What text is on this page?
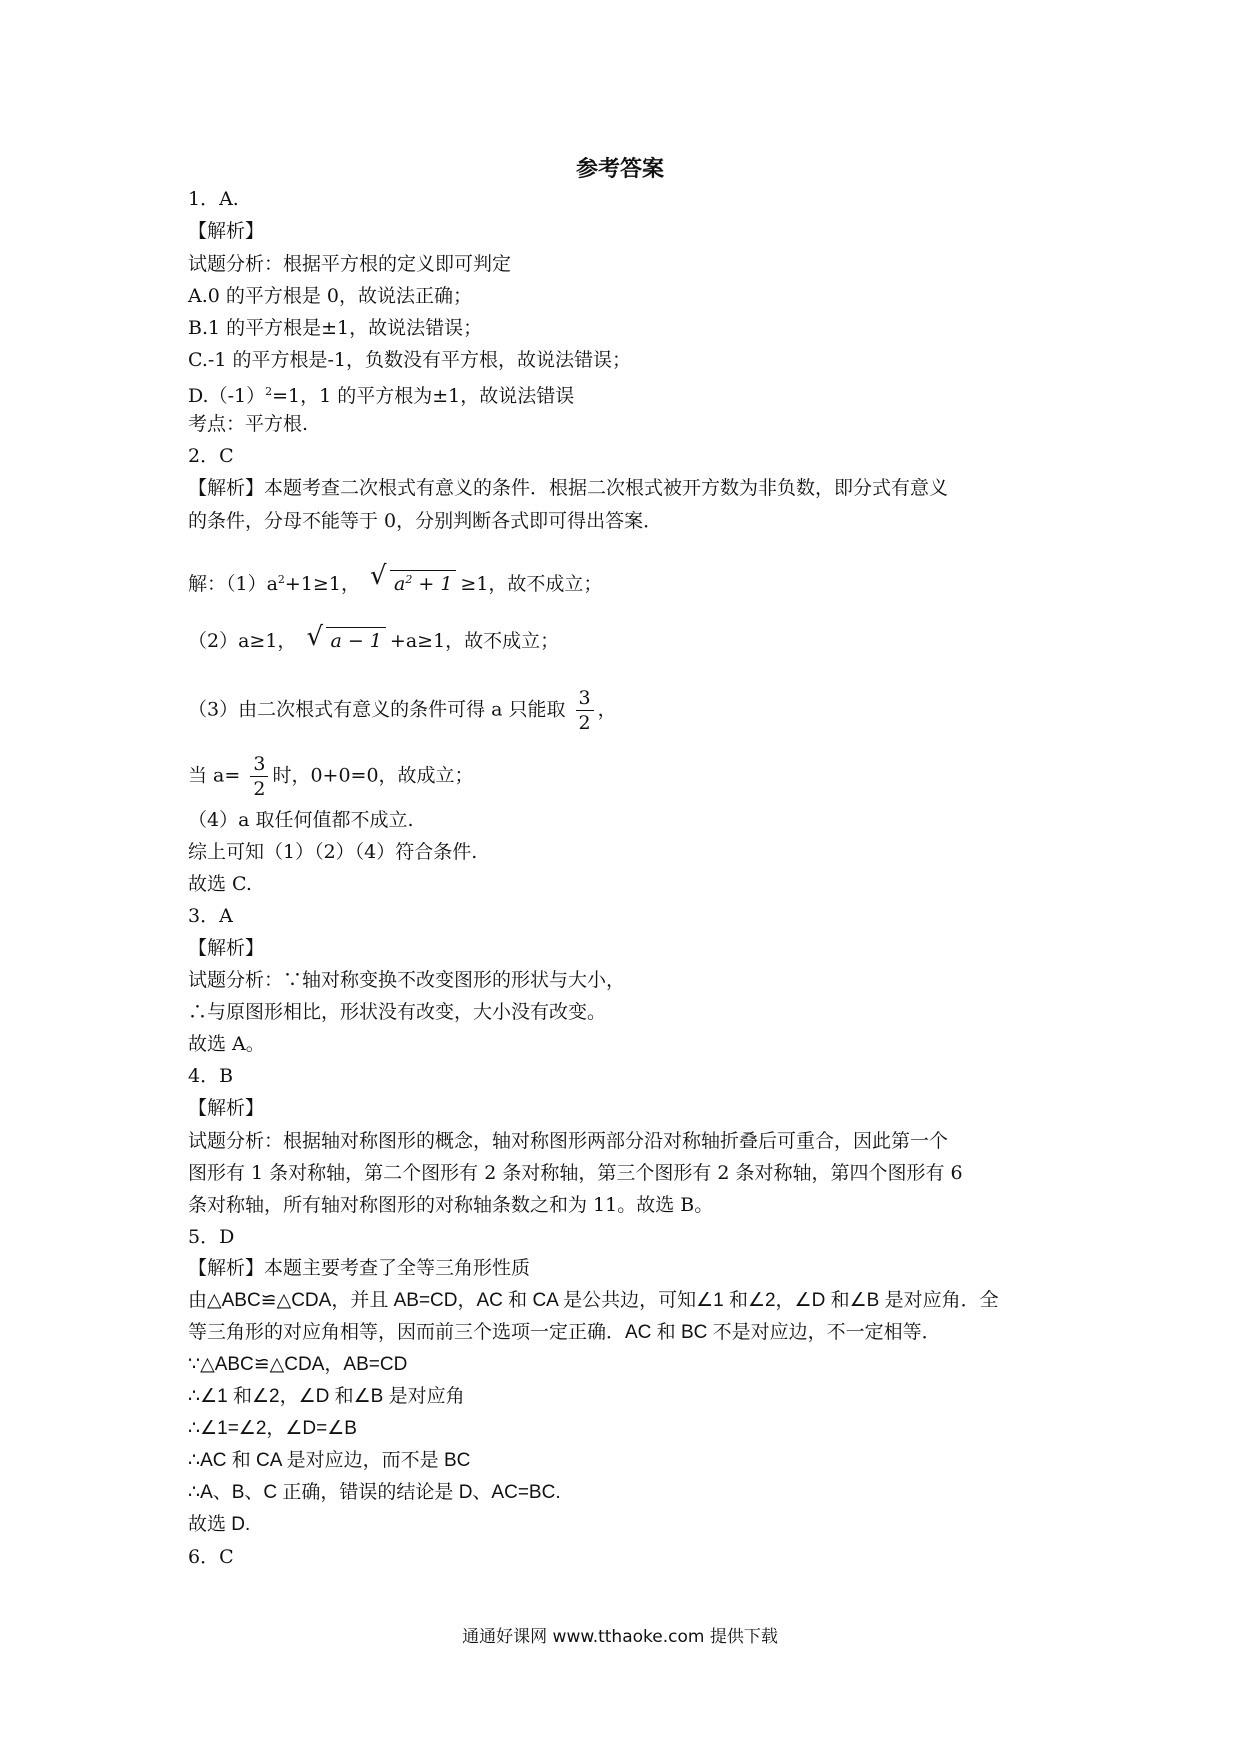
参考答案
1．A.
【解析】
试题分析：根据平方根的定义即可判定
A.0 的平方根是 0，故说法正确；
B.1 的平方根是±1，故说法错误；
C.-1 的平方根是-1，负数没有平方根，故说法错误；
$D.(-1)^2=1$，1 的平方根为±1，故说法错误
考点：平方根.
2．C
【解析】本题考查二次根式有意义的条件．根据二次根式被开方数为非负数，即分式有意义
的条件，分母不能等于 0，分别判断各式即可得出答案．
解：$(1)a^2+1\ge 1$， √ $a^2 + 1 \ge 1$，故不成立；
（2）a≥1， √ a − 1 +a≥1，故不成立；
（3）由二次根式有意义的条件可得 a 只能取 $\frac{3}{2}$ ，
当 $a= \frac{3}{2}$ 时，0+0=0，故成立；
（4）a 取任何值都不成立.
综上可知（1）（2）（4）符合条件.
故选 C.
3．A
【解析】
试题分析：∵轴对称变换不改变图形的形状与大小，
∴与原图形相比，形状没有改变，大小没有改变。
故选 A。
4．B
【解析】
试题分析：根据轴对称图形的概念，轴对称图形两部分沿对称轴折叠后可重合，因此第一个
图形有 1 条对称轴，第二个图形有 2 条对称轴，第三个图形有 2 条对称轴，第四个图形有 6
条对称轴，所有轴对称图形的对称轴条数之和为 11。故选 B。
5．D
【解析】本题主要考查了全等三角形性质
由△ABC≌△CDA，并且 AB=CD，AC 和 CA 是公共边，可知∠1 和∠2，∠D 和∠B 是对应角．全
等三角形的对应角相等，因而前三个选项一定正确．AC 和 BC 不是对应边，不一定相等．
∵△ABC≌△CDA，AB=CD
∴∠1 和∠2，∠D 和∠B 是对应角
∴∠1=∠2，∠D=∠B
∴AC 和 CA 是对应边，而不是 BC
∴A、B、C 正确，错误的结论是 D、AC=BC.
故选 D.
6．C
通通好课网 www.tthaoke.com 提供下载
